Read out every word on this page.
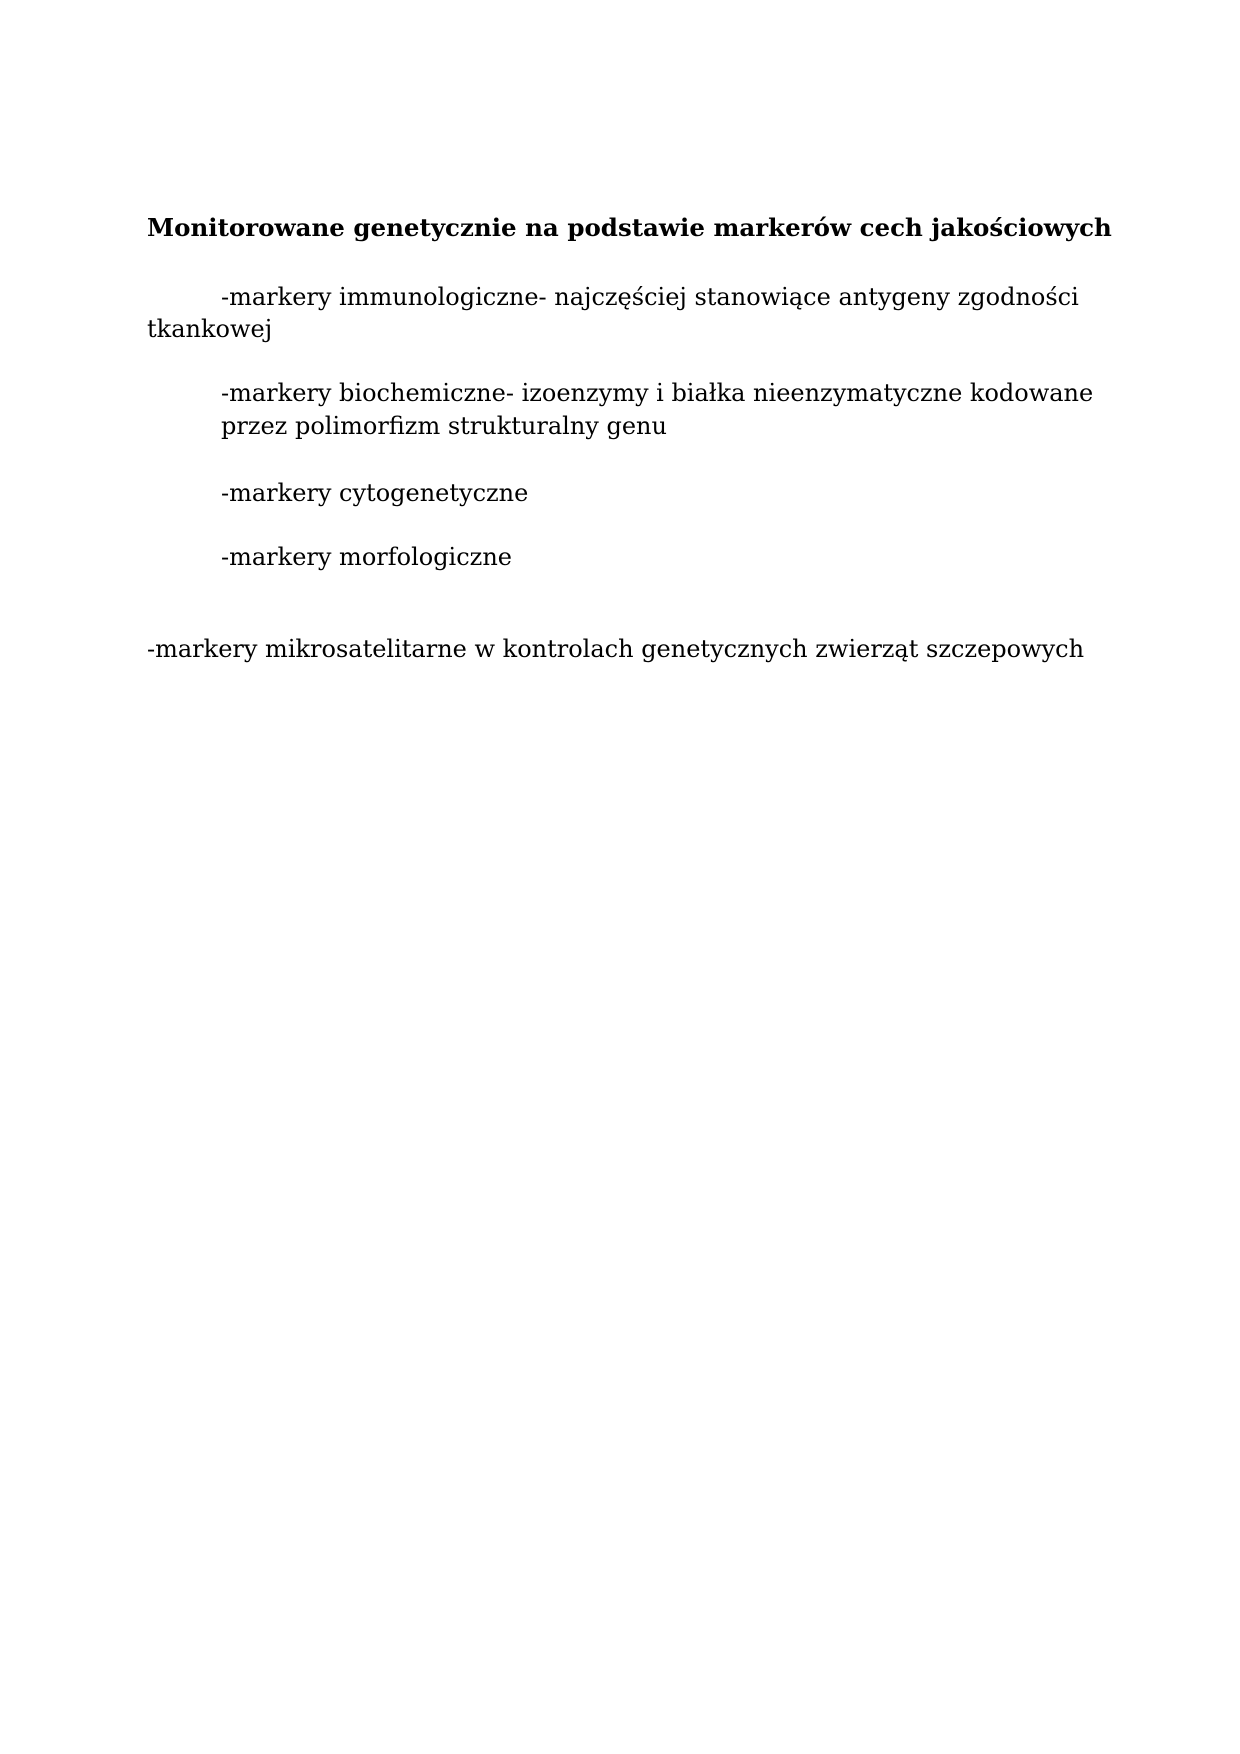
Monitorowane genetycznie na podstawie markerów cech jakościowych

-markery immunologiczne- najczęściej stanowiące antygeny zgodności

tkankowej

-markery biochemiczne- izoenzymy i białka nieenzymatyczne kodowane

przez polimorfizm strukturalny genu

-markery cytogenetyczne

-markery morfologiczne

-markery mikrosatelitarne w kontrolach genetycznych zwierząt szczepowych
